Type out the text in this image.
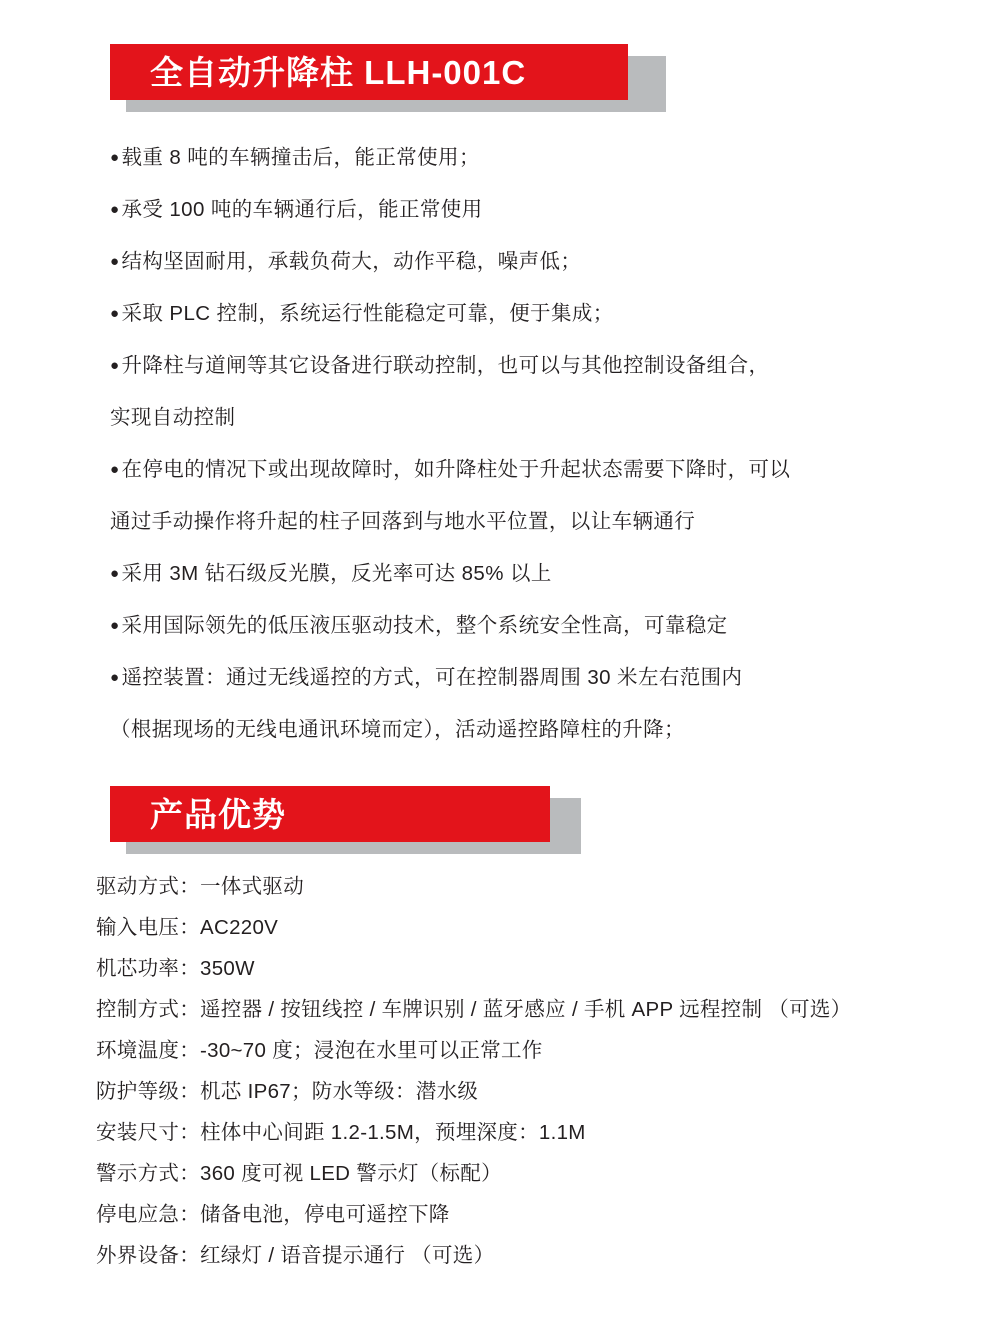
全自动升降柱 LLH-001C
●载重 8 吨的车辆撞击后，能正常使用；
●承受 100 吨的车辆通行后，能正常使用
●结构坚固耐用，承载负荷大，动作平稳，噪声低；
●采取 PLC 控制，系统运行性能稳定可靠，便于集成；
●升降柱与道闸等其它设备进行联动控制，也可以与其他控制设备组合，
实现自动控制
●在停电的情况下或出现故障时，如升降柱处于升起状态需要下降时，可以
通过手动操作将升起的柱子回落到与地水平位置，以让车辆通行
●采用 3M 钻石级反光膜，反光率可达 85% 以上
●采用国际领先的低压液压驱动技术，整个系统安全性高，可靠稳定
●遥控装置：通过无线遥控的方式，可在控制器周围 30 米左右范围内
（根据现场的无线电通讯环境而定），活动遥控路障柱的升降；
产品优势
驱动方式：一体式驱动
输入电压：AC220V
机芯功率：350W
控制方式：遥控器 / 按钮线控 / 车牌识别 / 蓝牙感应 / 手机 APP 远程控制 （可选）
环境温度：-30~70 度；浸泡在水里可以正常工作
防护等级：机芯 IP67；防水等级：潜水级
安装尺寸：柱体中心间距 1.2-1.5M，预埋深度：1.1M
警示方式：360 度可视 LED 警示灯（标配）
停电应急：储备电池，停电可遥控下降
外界设备：红绿灯 / 语音提示通行 （可选）
